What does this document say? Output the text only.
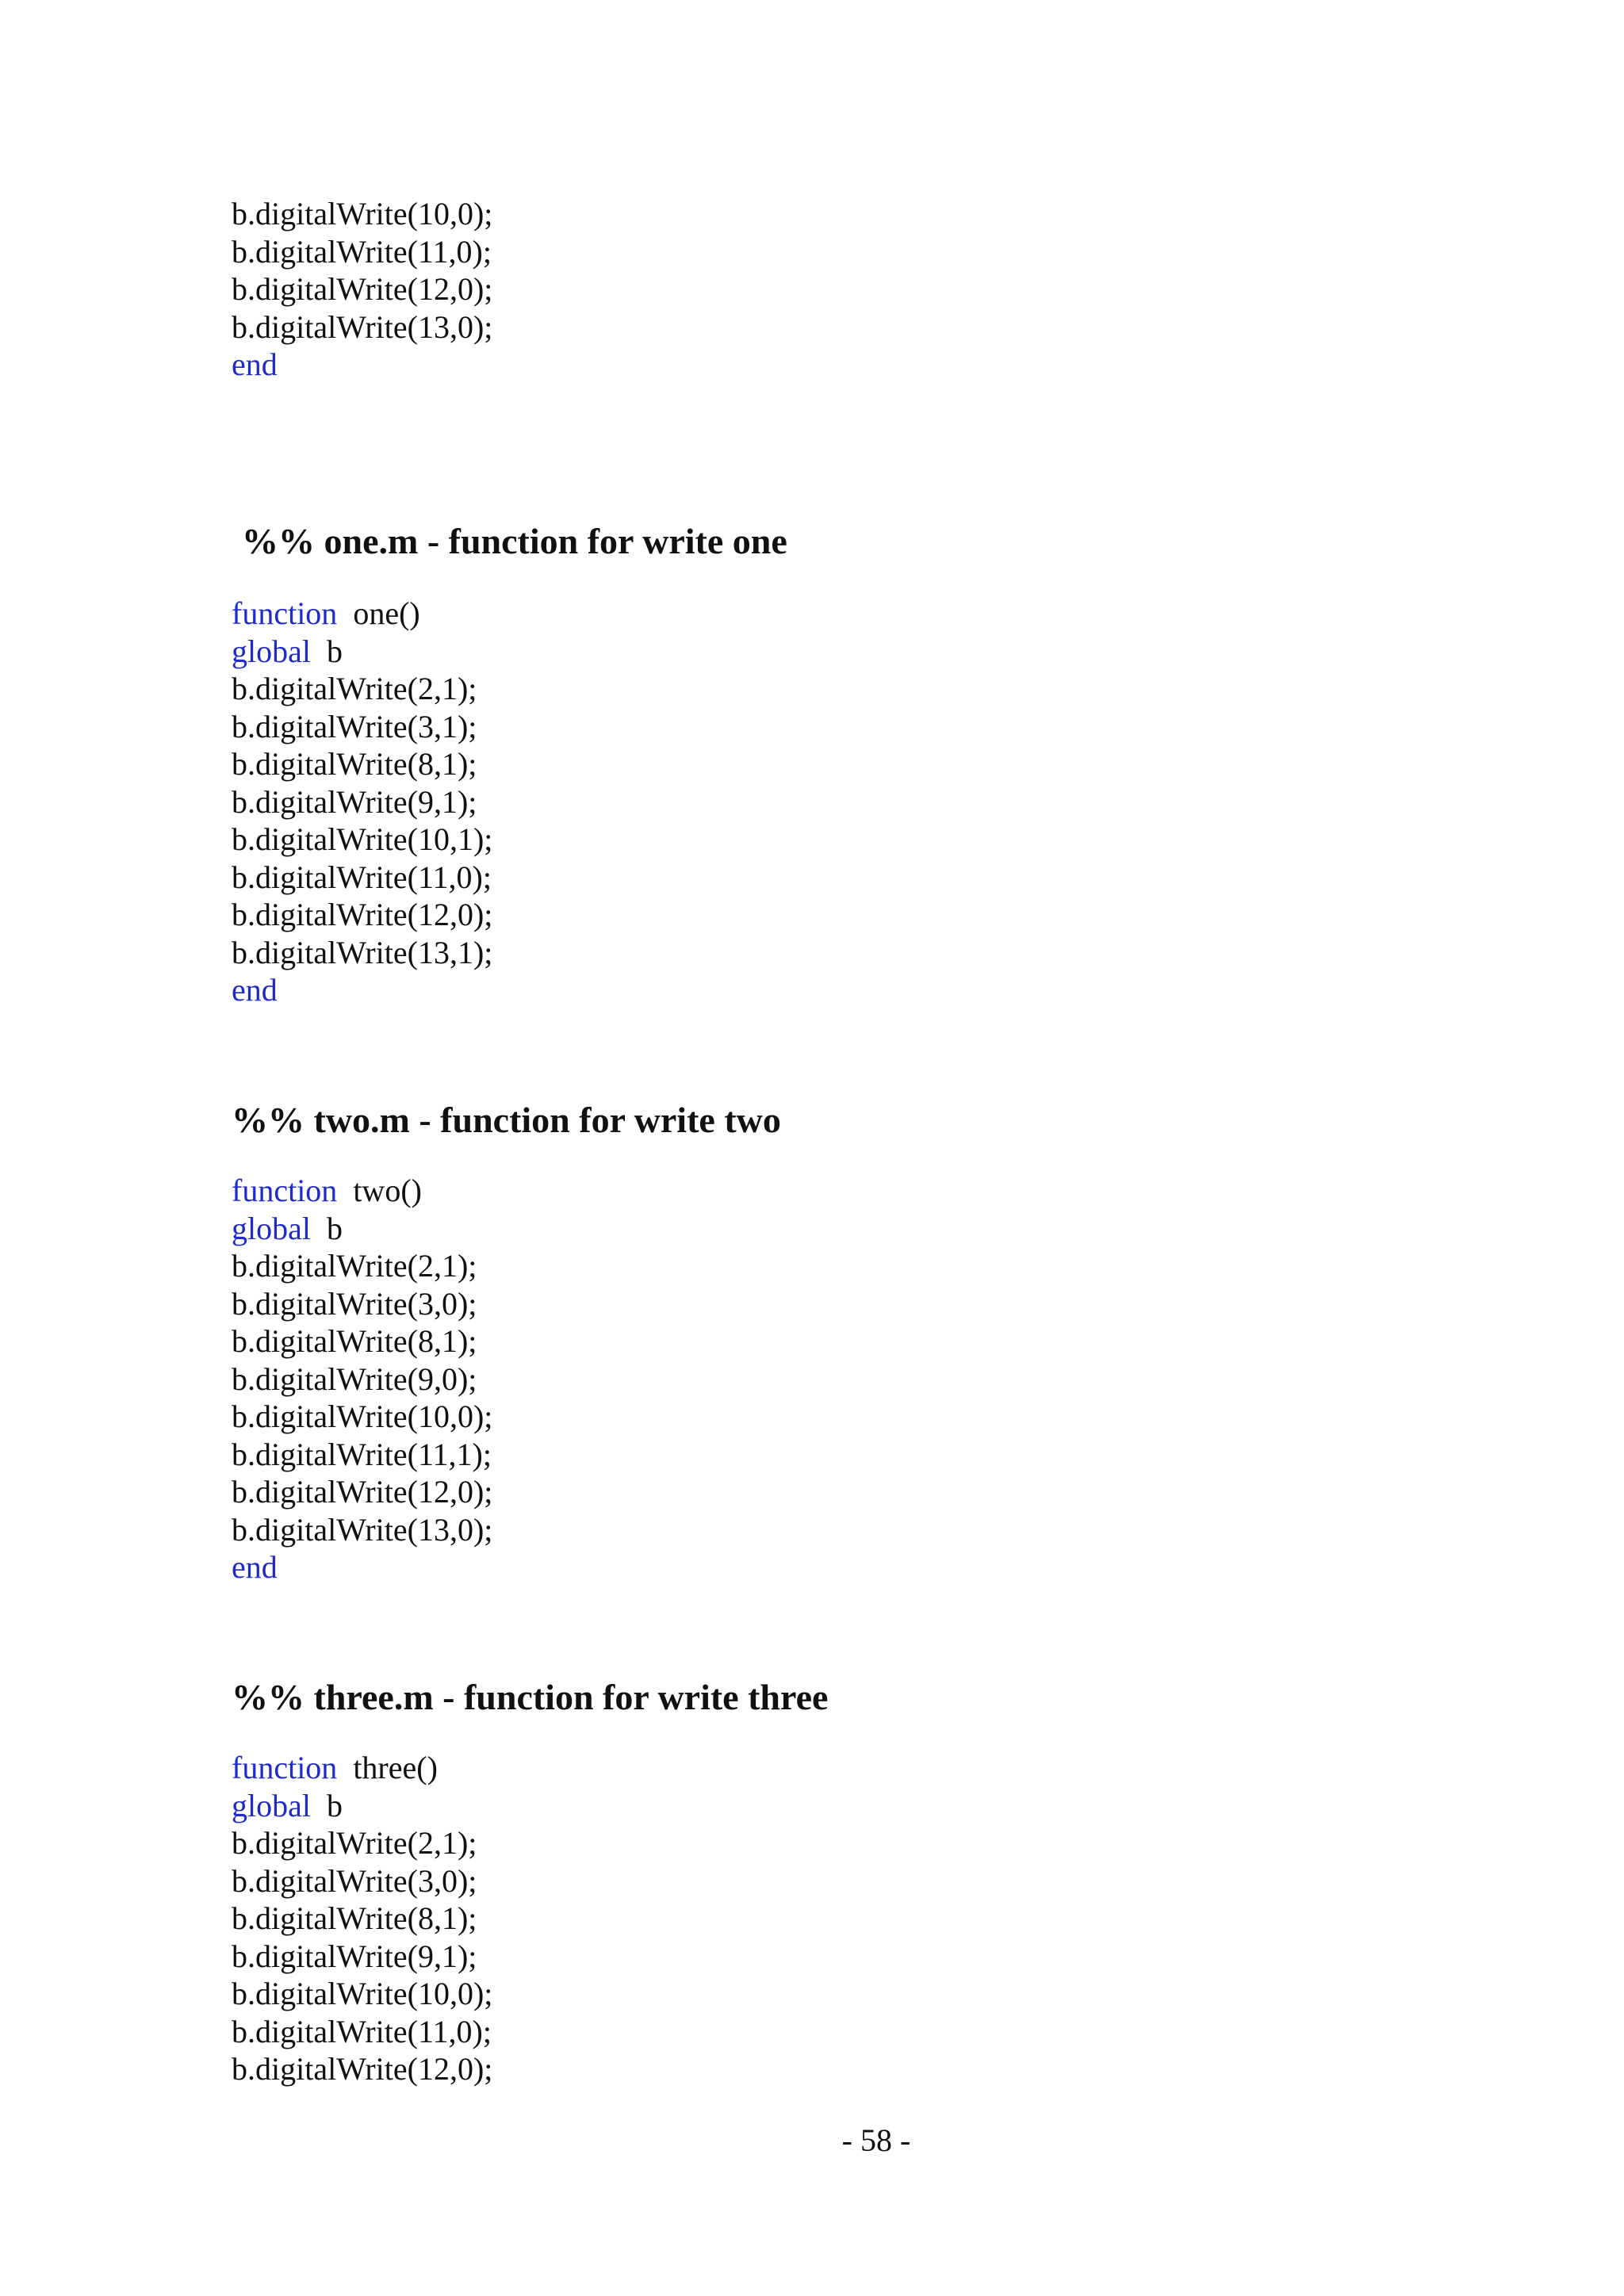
b.digitalWrite(10,0);
b.digitalWrite(11,0);
b.digitalWrite(12,0);
b.digitalWrite(13,0);
end
%% one.m - function for write one
function one()
global b
b.digitalWrite(2,1);
b.digitalWrite(3,1);
b.digitalWrite(8,1);
b.digitalWrite(9,1);
b.digitalWrite(10,1);
b.digitalWrite(11,0);
b.digitalWrite(12,0);
b.digitalWrite(13,1);
end
%% two.m - function for write two
function two()
global b
b.digitalWrite(2,1);
b.digitalWrite(3,0);
b.digitalWrite(8,1);
b.digitalWrite(9,0);
b.digitalWrite(10,0);
b.digitalWrite(11,1);
b.digitalWrite(12,0);
b.digitalWrite(13,0);
end
%% three.m - function for write three
function three()
global b
b.digitalWrite(2,1);
b.digitalWrite(3,0);
b.digitalWrite(8,1);
b.digitalWrite(9,1);
b.digitalWrite(10,0);
b.digitalWrite(11,0);
b.digitalWrite(12,0);
- 58 -
